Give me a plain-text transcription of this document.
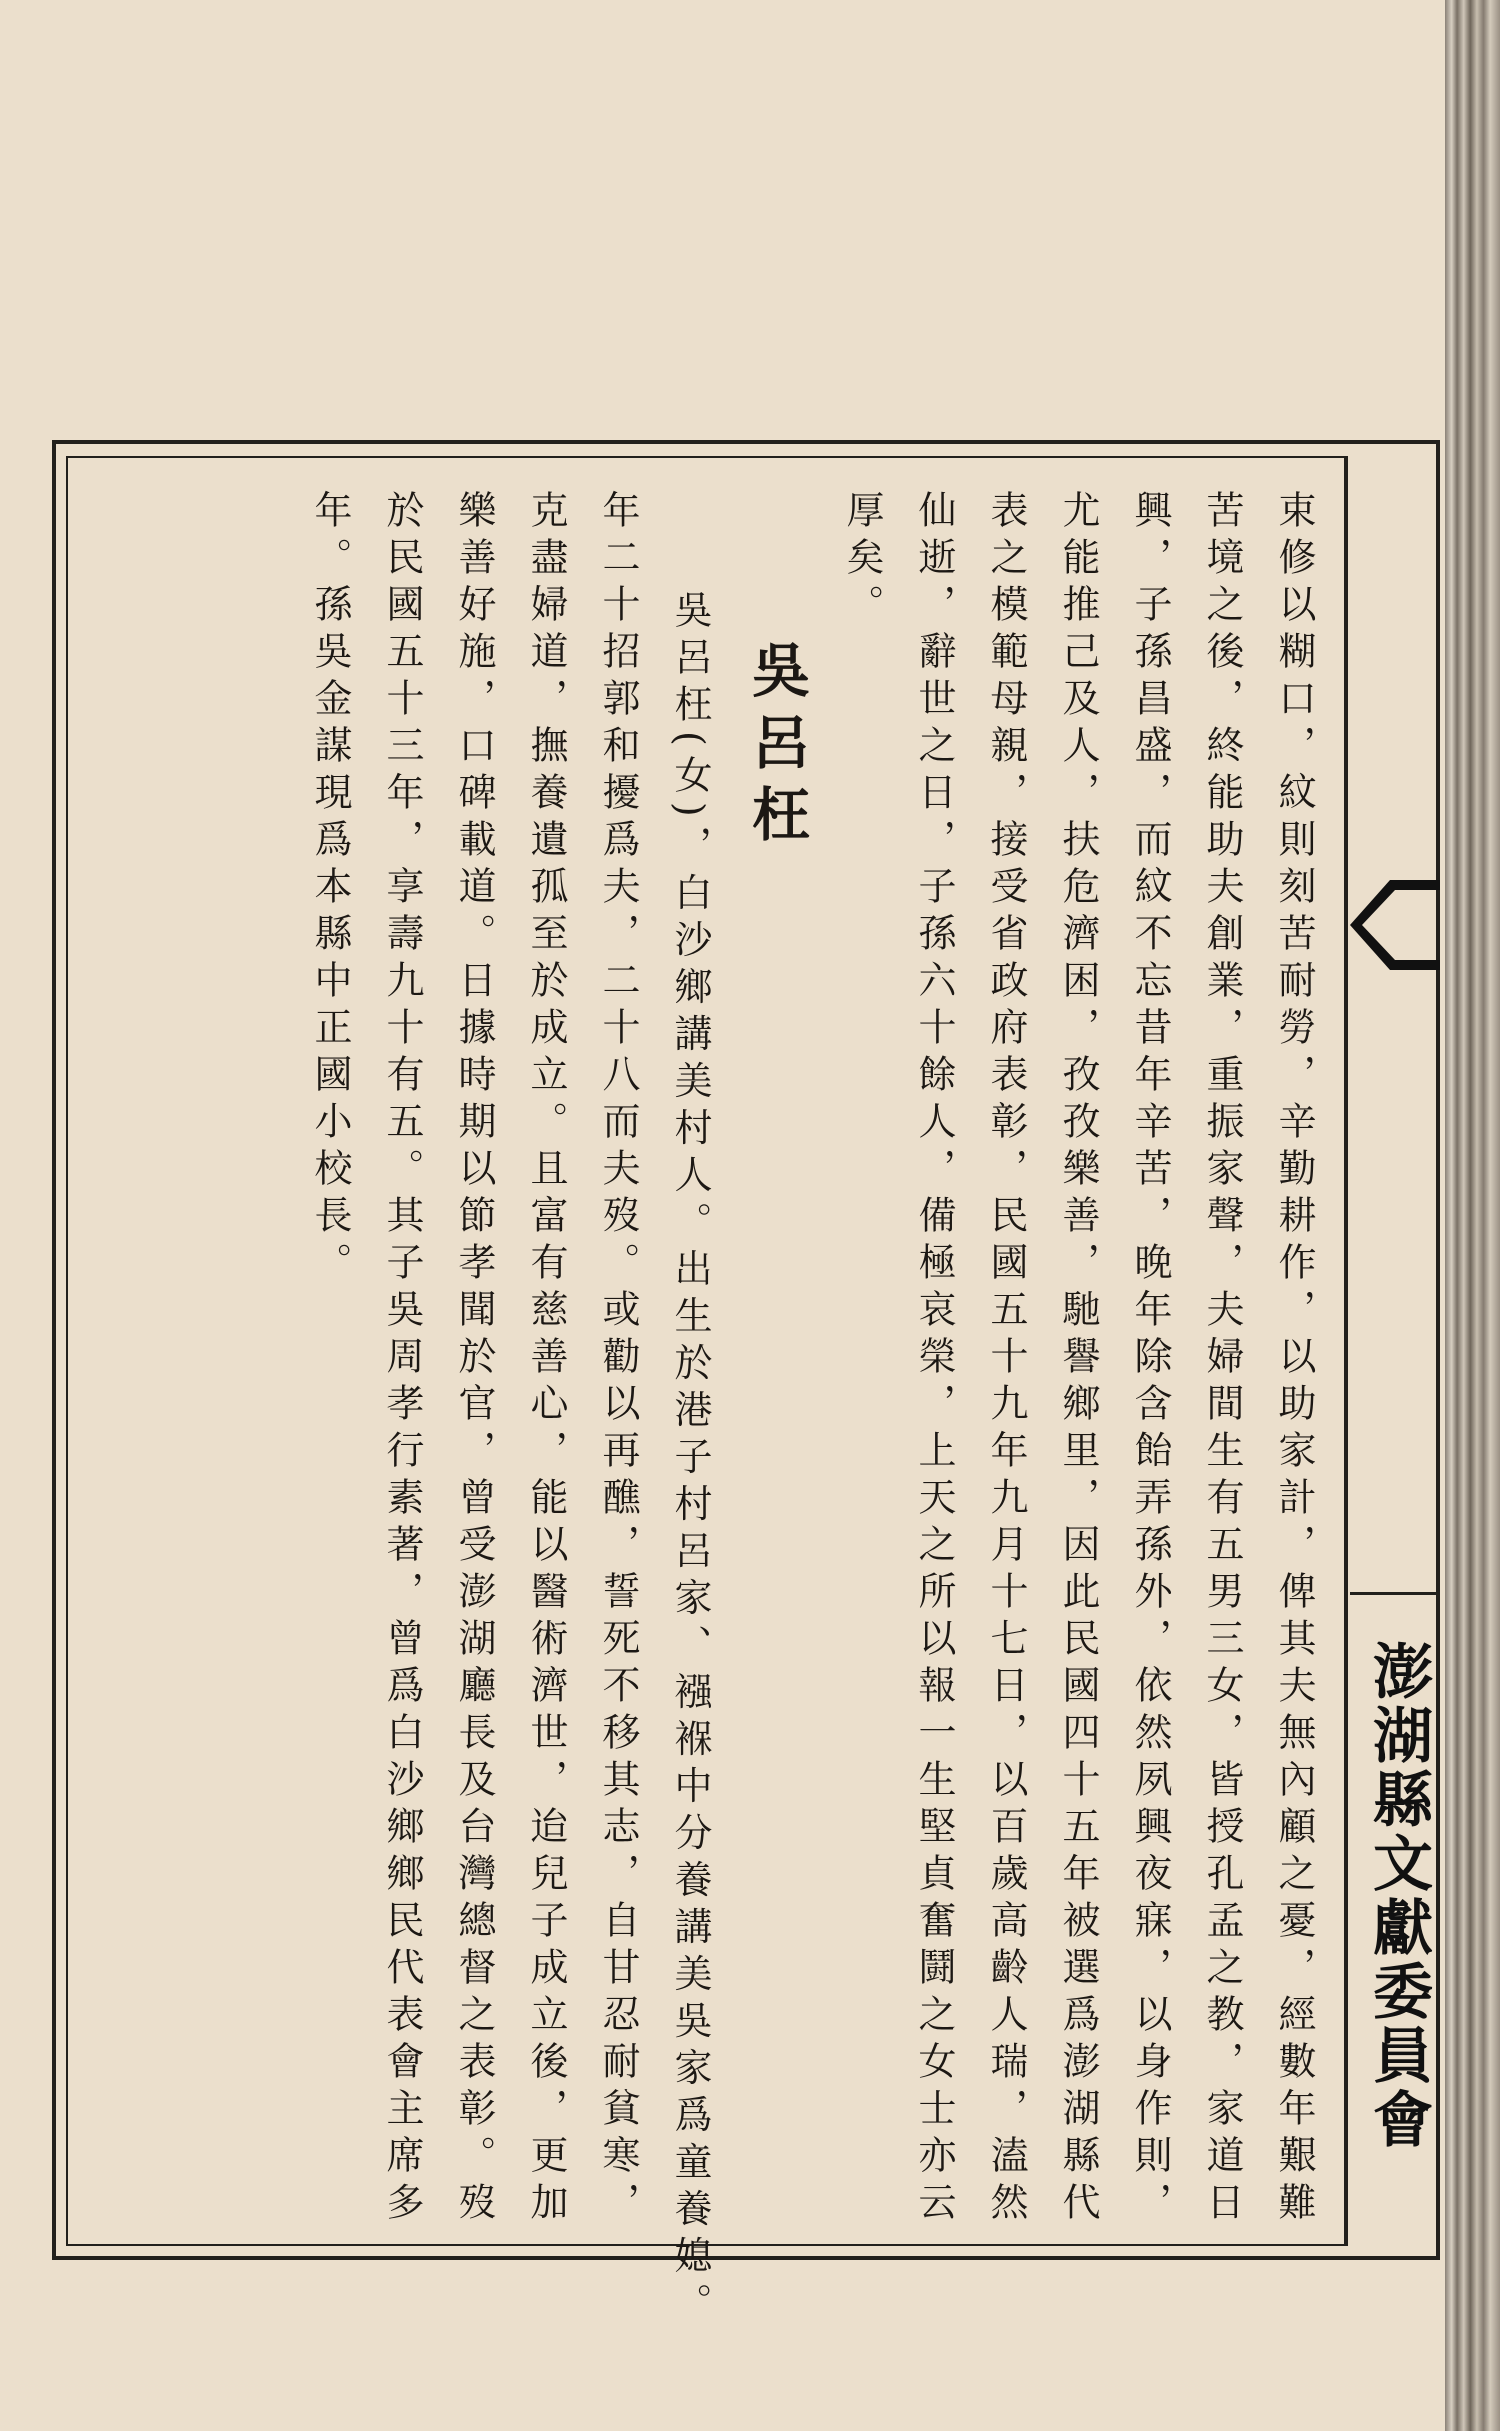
澎湖縣文獻委員會
束修以糊口，紋則刻苦耐勞，辛勤耕作，以助家計，俾其夫無內顧之憂，經數年艱難
苦境之後，終能助夫創業，重振家聲，夫婦間生有五男三女，皆授孔孟之教，家道日
興，子孫昌盛，而紋不忘昔年辛苦，晚年除含飴弄孫外，依然夙興夜寐，以身作則，
尤能推己及人，扶危濟困，孜孜樂善，馳譽鄉里，因此民國四十五年被選爲澎湖縣代
表之模範母親，接受省政府表彰，民國五十九年九月十七日，以百歲高齡人瑞，溘然
仙逝，辭世之日，子孫六十餘人，備極哀榮，上天之所以報一生堅貞奮鬪之女士亦云
厚矣。
吳呂枉
吳呂枉(女)，白沙鄉講美村人。出生於港子村呂家、襁褓中分養講美吳家爲童養媳。
年二十招郭和擾爲夫，二十八而夫歿。或勸以再醮，誓死不移其志，自甘忍耐貧寒，
克盡婦道，撫養遺孤至於成立。且富有慈善心，能以醫術濟世，迨兒子成立後，更加
樂善好施，口碑載道。日據時期以節孝聞於官，曾受澎湖廳長及台灣總督之表彰。歿
於民國五十三年，享壽九十有五。其子吳周孝行素著，曾爲白沙鄉鄉民代表會主席多
年。孫吳金謀現爲本縣中正國小校長。
